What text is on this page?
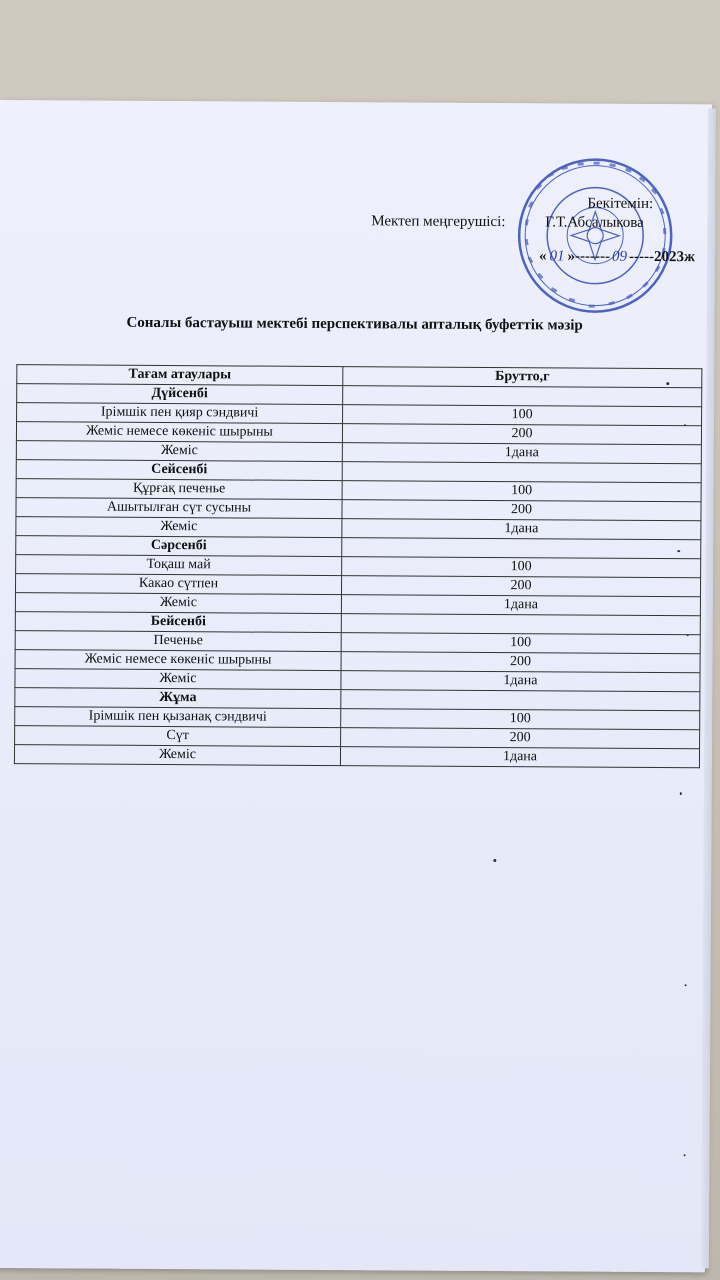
Бекітемін:
Мектеп меңгерушісі:	Г.Т.Абсалыкова
« 01 »------- 09 -----2023ж
Соналы бастауыш мектебі перспективалы апталық буфеттік мәзір
Тағам атаулары	Брутто,г
Дүйсенбі	
Ірімшік пен қияр сэндвичі	100
Жеміс немесе көкеніс шырыны	200
Жеміс	1дана
Сейсенбі	
Құрғақ печенье	100
Ашытылған сүт сусыны	200
Жеміс	1дана
Сәрсенбі	
Тоқаш май	100
Какао сүтпен	200
Жеміс	1дана
Бейсенбі	
Печенье	100
Жеміс немесе көкеніс шырыны	200
Жеміс	1дана
Жұма	
Ірімшік пен қызанақ сэндвичі	100
Сүт	200
Жеміс	1дана
